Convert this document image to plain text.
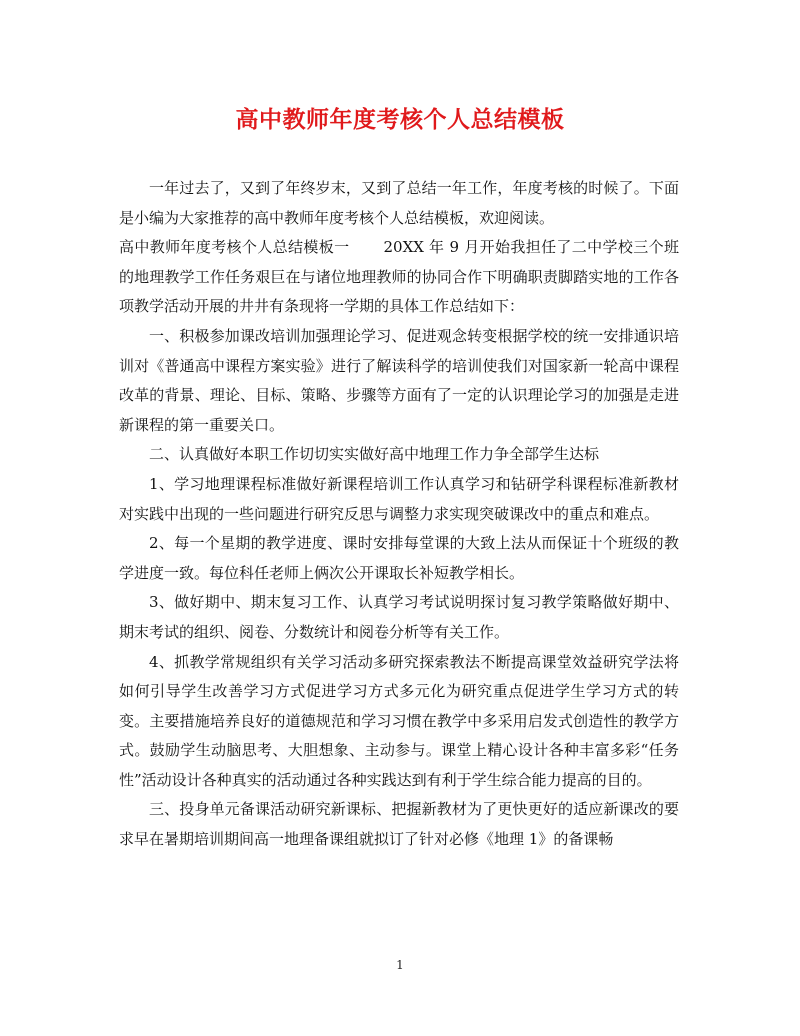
高中教师年度考核个人总结模板

一年过去了，又到了年终岁末，又到了总结一年工作，年度考核的时候了。下面是小编为大家推荐的高中教师年度考核个人总结模板，欢迎阅读。

高中教师年度考核个人总结模板一 20XX 年 9 月开始我担任了二中学校三个班的地理教学工作任务艰巨在与诸位地理教师的协同合作下明确职责脚踏实地的工作各项教学活动开展的井井有条现将一学期的具体工作总结如下：

一、积极参加课改培训加强理论学习、促进观念转变根据学校的统一安排通识培训对《普通高中课程方案实验》进行了解读科学的培训使我们对国家新一轮高中课程改革的背景、理论、目标、策略、步骤等方面有了一定的认识理论学习的加强是走进新课程的第一重要关口。

二、认真做好本职工作切切实实做好高中地理工作力争全部学生达标

1、学习地理课程标准做好新课程培训工作认真学习和钻研学科课程标准新教材对实践中出现的一些问题进行研究反思与调整力求实现突破课改中的重点和难点。

2、每一个星期的教学进度、课时安排每堂课的大致上法从而保证十个班级的教学进度一致。每位科任老师上俩次公开课取长补短教学相长。

3、做好期中、期末复习工作、认真学习考试说明探讨复习教学策略做好期中、期末考试的组织、阅卷、分数统计和阅卷分析等有关工作。

4、抓教学常规组织有关学习活动多研究探索教法不断提高课堂效益研究学法将如何引导学生改善学习方式促进学习方式多元化为研究重点促进学生学习方式的转变。主要措施培养良好的道德规范和学习习惯在教学中多采用启发式创造性的教学方式。鼓励学生动脑思考、大胆想象、主动参与。课堂上精心设计各种丰富多彩“任务性”活动设计各种真实的活动通过各种实践达到有利于学生综合能力提高的目的。

三、投身单元备课活动研究新课标、把握新教材为了更快更好的适应新课改的要求早在暑期培训期间高一地理备课组就拟订了针对必修《地理 1》的备课畅

1
